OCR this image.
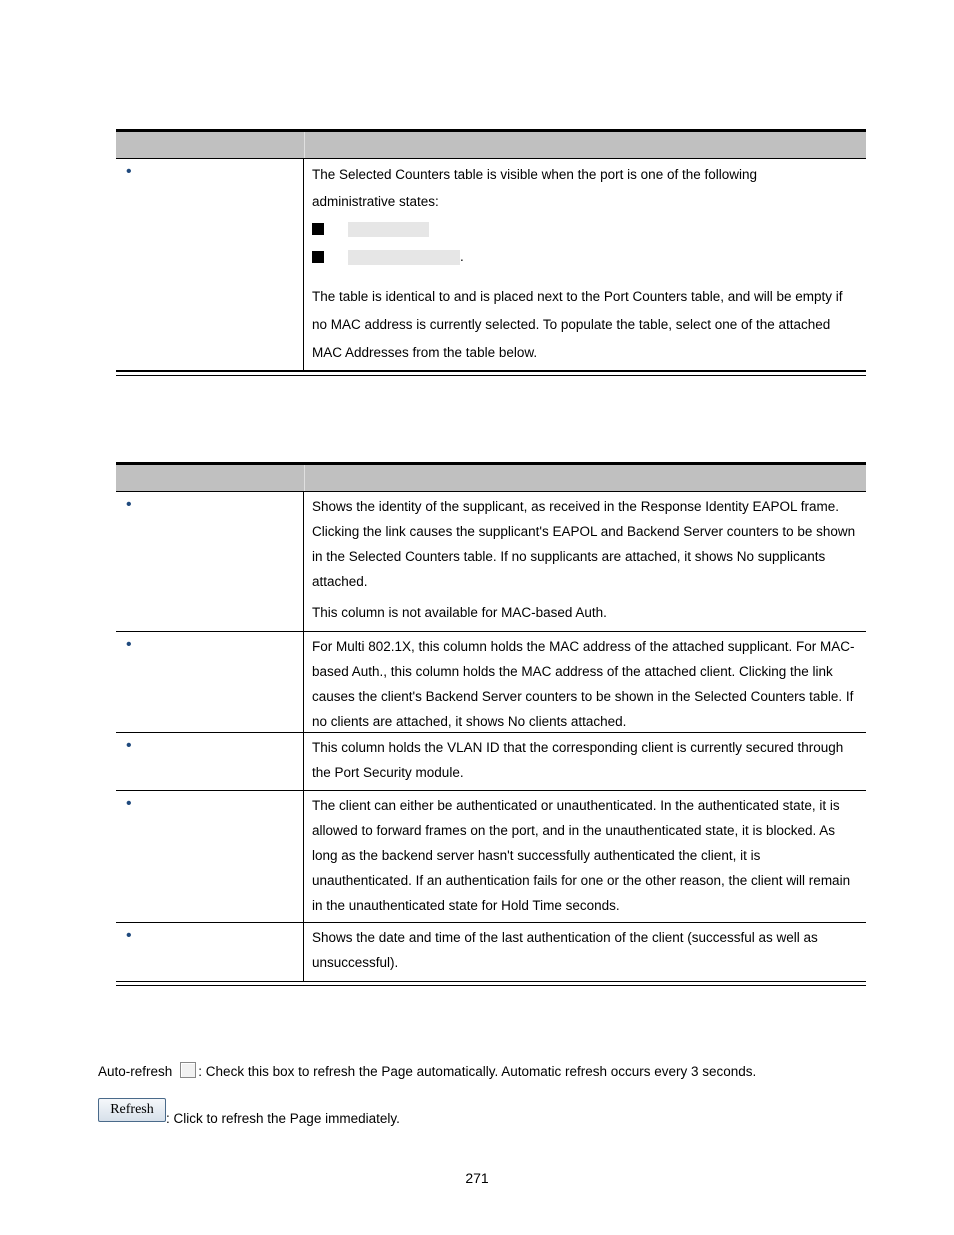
•	The Selected Counters table is visible when the port is one of the following

administrative states:

.

The table is identical to and is placed next to the Port Counters table, and will be empty if no MAC address is currently selected. To populate the table, select one of the attached MAC Addresses from the table below.

•	Shows the identity of the supplicant, as received in the Response Identity EAPOL frame. Clicking the link causes the supplicant's EAPOL and Backend Server counters to be shown in the Selected Counters table. If no supplicants are attached, it shows No supplicants attached.

This column is not available for MAC-based Auth.

•	For Multi 802.1X, this column holds the MAC address of the attached supplicant. For MAC-based Auth., this column holds the MAC address of the attached client. Clicking the link causes the client's Backend Server counters to be shown in the Selected Counters table. If no clients are attached, it shows No clients attached.

•	This column holds the VLAN ID that the corresponding client is currently secured through the Port Security module.

•	The client can either be authenticated or unauthenticated. In the authenticated state, it is allowed to forward frames on the port, and in the unauthenticated state, it is blocked. As long as the backend server hasn't successfully authenticated the client, it is unauthenticated. If an authentication fails for one or the other reason, the client will remain in the unauthenticated state for Hold Time seconds.

•	Shows the date and time of the last authentication of the client (successful as well as unsuccessful).

Auto-refresh : Check this box to refresh the Page automatically. Automatic refresh occurs every 3 seconds.
Refresh: Click to refresh the Page immediately.
271
